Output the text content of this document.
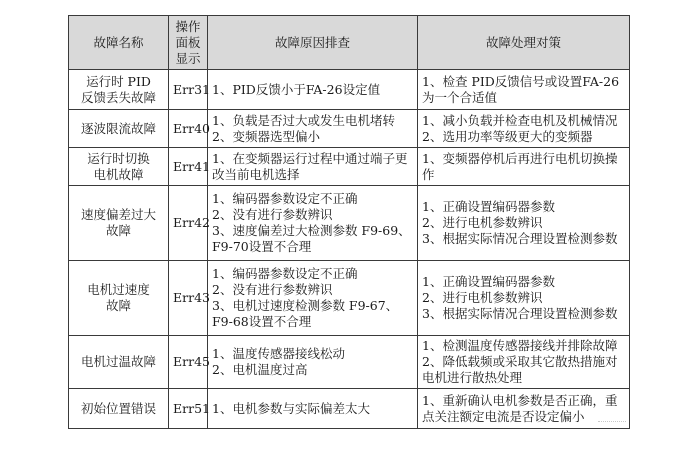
故障名称	操作
面板
显示	故障原因排查	故障处理对策

运行时 PID
反馈丢失故障	Err31	1、PID反馈小于FA-26设定值	1、检查 PID反馈信号或设置FA-26
为一个合适值

逐波限流故障	Err40	1、负载是否过大或发生电机堵转
2、变频器选型偏小	1、减小负载并检查电机及机械情况
2、选用功率等级更大的变频器

运行时切换
电机故障	Err41	1、在变频器运行过程中通过端子更
改当前电机选择	1、变频器停机后再进行电机切换操
作

速度偏差过大
故障	Err42	1、编码器参数设定不正确
2、没有进行参数辨识
3、速度偏差过大检测参数 F9-69、
F9-70设置不合理	1、正确设置编码器参数
2、进行电机参数辨识
3、根据实际情况合理设置检测参数

电机过速度
故障	Err43	1、编码器参数设定不正确
2、没有进行参数辨识
3、电机过速度检测参数 F9-67、
F9-68设置不合理	1、正确设置编码器参数
2、进行电机参数辨识
3、根据实际情况合理设置检测参数

电机过温故障	Err45	1、温度传感器接线松动
2、电机温度过高	1、检测温度传感器接线并排除故障
2、降低载频或采取其它散热措施对
电机进行散热处理

初始位置错误	Err51	1、电机参数与实际偏差太大	1、重新确认电机参数是否正确，重
点关注额定电流是否设定偏小
